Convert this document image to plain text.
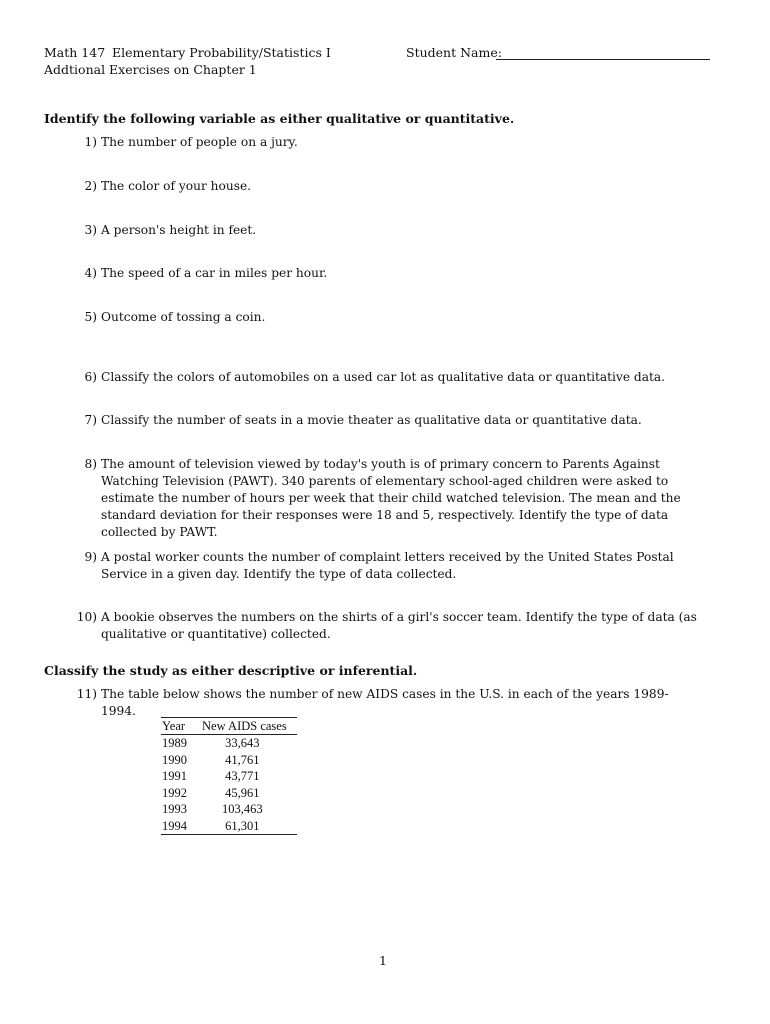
Math 147 Elementary Probability/Statistics I	Student Name:
Addtional Exercises on Chapter 1
Identify the following variable as either qualitative or quantitative.
1) The number of people on a jury.
2) The color of your house.
3) A person's height in feet.
4) The speed of a car in miles per hour.
5) Outcome of tossing a coin.
6) Classify the colors of automobiles on a used car lot as qualitative data or quantitative data.
7) Classify the number of seats in a movie theater as qualitative data or quantitative data.
8) The amount of television viewed by today's youth is of primary concern to Parents Against Watching Television (PAWT). 340 parents of elementary school-aged children were asked to estimate the number of hours per week that their child watched television. The mean and the standard deviation for their responses were 18 and 5, respectively. Identify the type of data collected by PAWT.
9) A postal worker counts the number of complaint letters received by the United States Postal Service in a given day. Identify the type of data collected.
10) A bookie observes the numbers on the shirts of a girl's soccer team. Identify the type of data (as qualitative or quantitative) collected.
Classify the study as either descriptive or inferential.
11) The table below shows the number of new AIDS cases in the U.S. in each of the years 1989-1994.
Year	New AIDS cases
1989	33,643
1990	41,761
1991	43,771
1992	45,961
1993	103,463
1994	61,301
1
